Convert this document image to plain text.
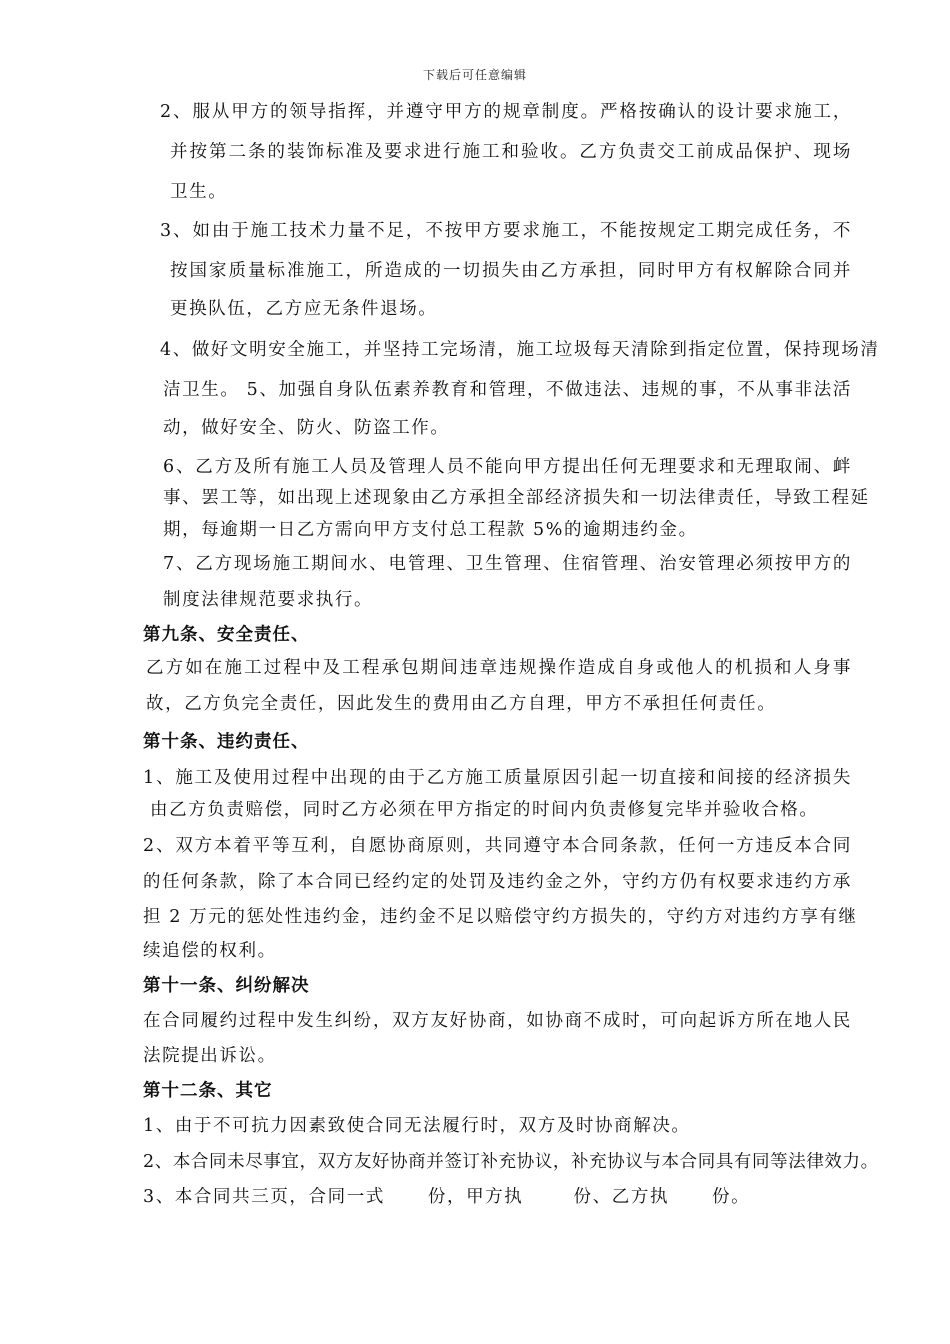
下载后可任意编辑
2、服从甲方的领导指挥，并遵守甲方的规章制度。严格按确认的设计要求施工，
并按第二条的装饰标准及要求进行施工和验收。乙方负责交工前成品保护、现场
卫生。
3、如由于施工技术力量不足，不按甲方要求施工，不能按规定工期完成任务，不
按国家质量标准施工，所造成的一切损失由乙方承担，同时甲方有权解除合同并
更换队伍，乙方应无条件退场。
4、做好文明安全施工，并坚持工完场清，施工垃圾每天清除到指定位置，保持现场清
洁卫生。 5、加强自身队伍素养教育和管理，不做违法、违规的事，不从事非法活
动，做好安全、防火、防盗工作。
6、乙方及所有施工人员及管理人员不能向甲方提出任何无理要求和无理取闹、衅
事、罢工等，如出现上述现象由乙方承担全部经济损失和一切法律责任，导致工程延
期，每逾期一日乙方需向甲方支付总工程款 5%的逾期违约金。
7、乙方现场施工期间水、电管理、卫生管理、住宿管理、治安管理必须按甲方的
制度法律规范要求执行。
第九条、安全责任、
乙方如在施工过程中及工程承包期间违章违规操作造成自身或他人的机损和人身事
故，乙方负完全责任，因此发生的费用由乙方自理，甲方不承担任何责任。
第十条、违约责任、
1、施工及使用过程中出现的由于乙方施工质量原因引起一切直接和间接的经济损失
由乙方负责赔偿，同时乙方必须在甲方指定的时间内负责修复完毕并验收合格。
2、双方本着平等互利，自愿协商原则，共同遵守本合同条款，任何一方违反本合同
的任何条款，除了本合同已经约定的处罚及违约金之外，守约方仍有权要求违约方承
担 2 万元的惩处性违约金，违约金不足以赔偿守约方损失的，守约方对违约方享有继
续追偿的权利。
第十一条、纠纷解决
在合同履约过程中发生纠纷，双方友好协商，如协商不成时，可向起诉方所在地人民
法院提出诉讼。
第十二条、其它
1、由于不可抗力因素致使合同无法履行时，双方及时协商解决。
2、本合同未尽事宜，双方友好协商并签订补充协议，补充协议与本合同具有同等法律效力。
3、本合同共三页，合同一式      份，甲方执       份、乙方执      份。
